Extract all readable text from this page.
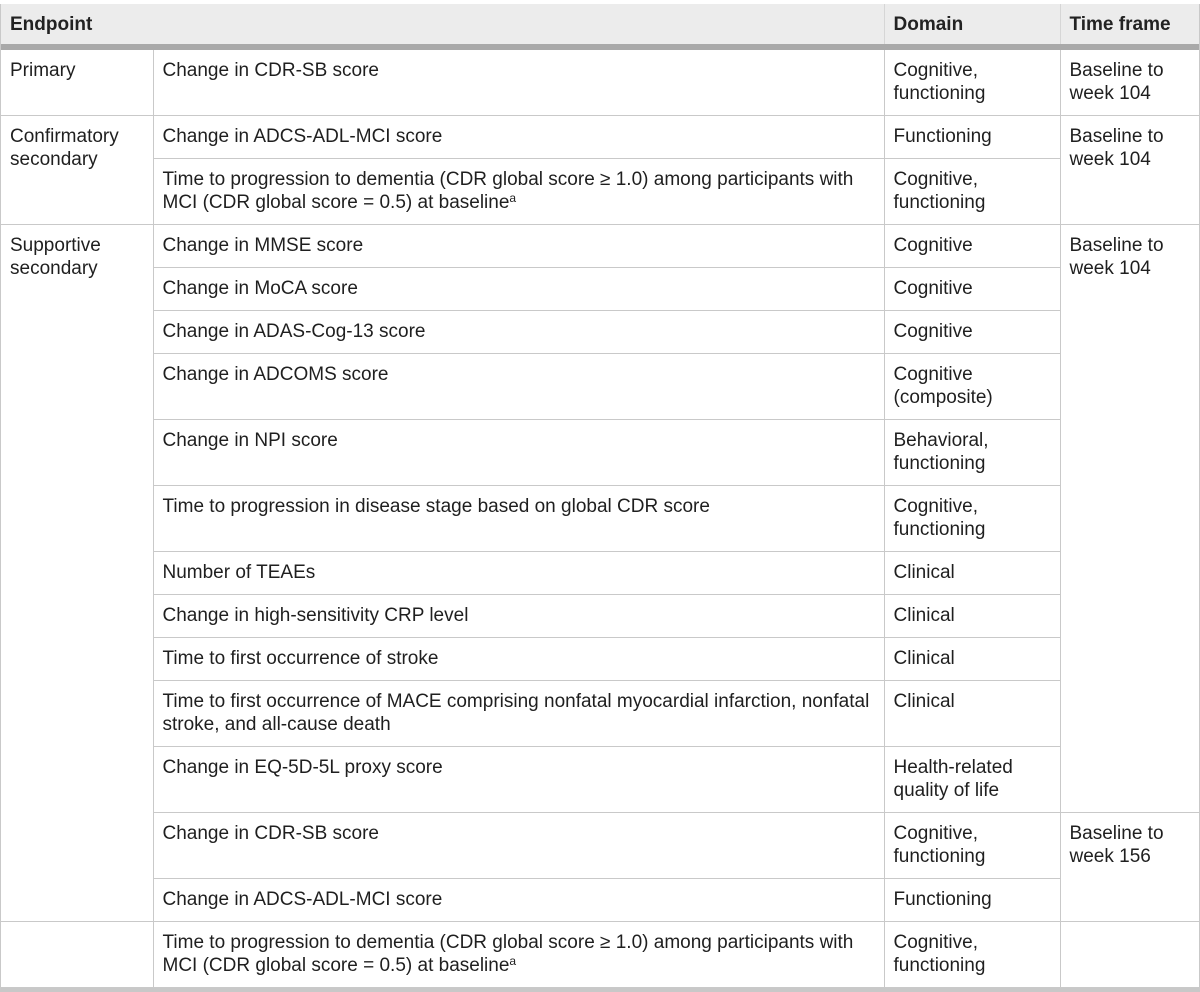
Endpoint		Domain	Time frame
Primary	Change in CDR-SB score	Cognitive, functioning	Baseline to week 104
Confirmatory secondary	Change in ADCS-ADL-MCI score	Functioning	Baseline to week 104
	Time to progression to dementia (CDR global score ≥ 1.0) among participants with MCI (CDR global score = 0.5) at baseline$^a$	Cognitive, functioning	
Supportive secondary	Change in MMSE score	Cognitive	Baseline to week 104
	Change in MoCA score	Cognitive	
	Change in ADAS-Cog-13 score	Cognitive	
	Change in ADCOMS score	Cognitive (composite)	
	Change in NPI score	Behavioral, functioning	
	Time to progression in disease stage based on global CDR score	Cognitive, functioning	
	Number of TEAEs	Clinical	
	Change in high-sensitivity CRP level	Clinical	
	Time to first occurrence of stroke	Clinical	
	Time to first occurrence of MACE comprising nonfatal myocardial infarction, nonfatal stroke, and all-cause death	Clinical	
	Change in EQ-5D-5L proxy score	Health-related quality of life	
	Change in CDR-SB score	Cognitive, functioning	Baseline to week 156
	Change in ADCS-ADL-MCI score	Functioning	
	Time to progression to dementia (CDR global score ≥ 1.0) among participants with MCI (CDR global score = 0.5) at baseline$^a$	Cognitive, functioning	
